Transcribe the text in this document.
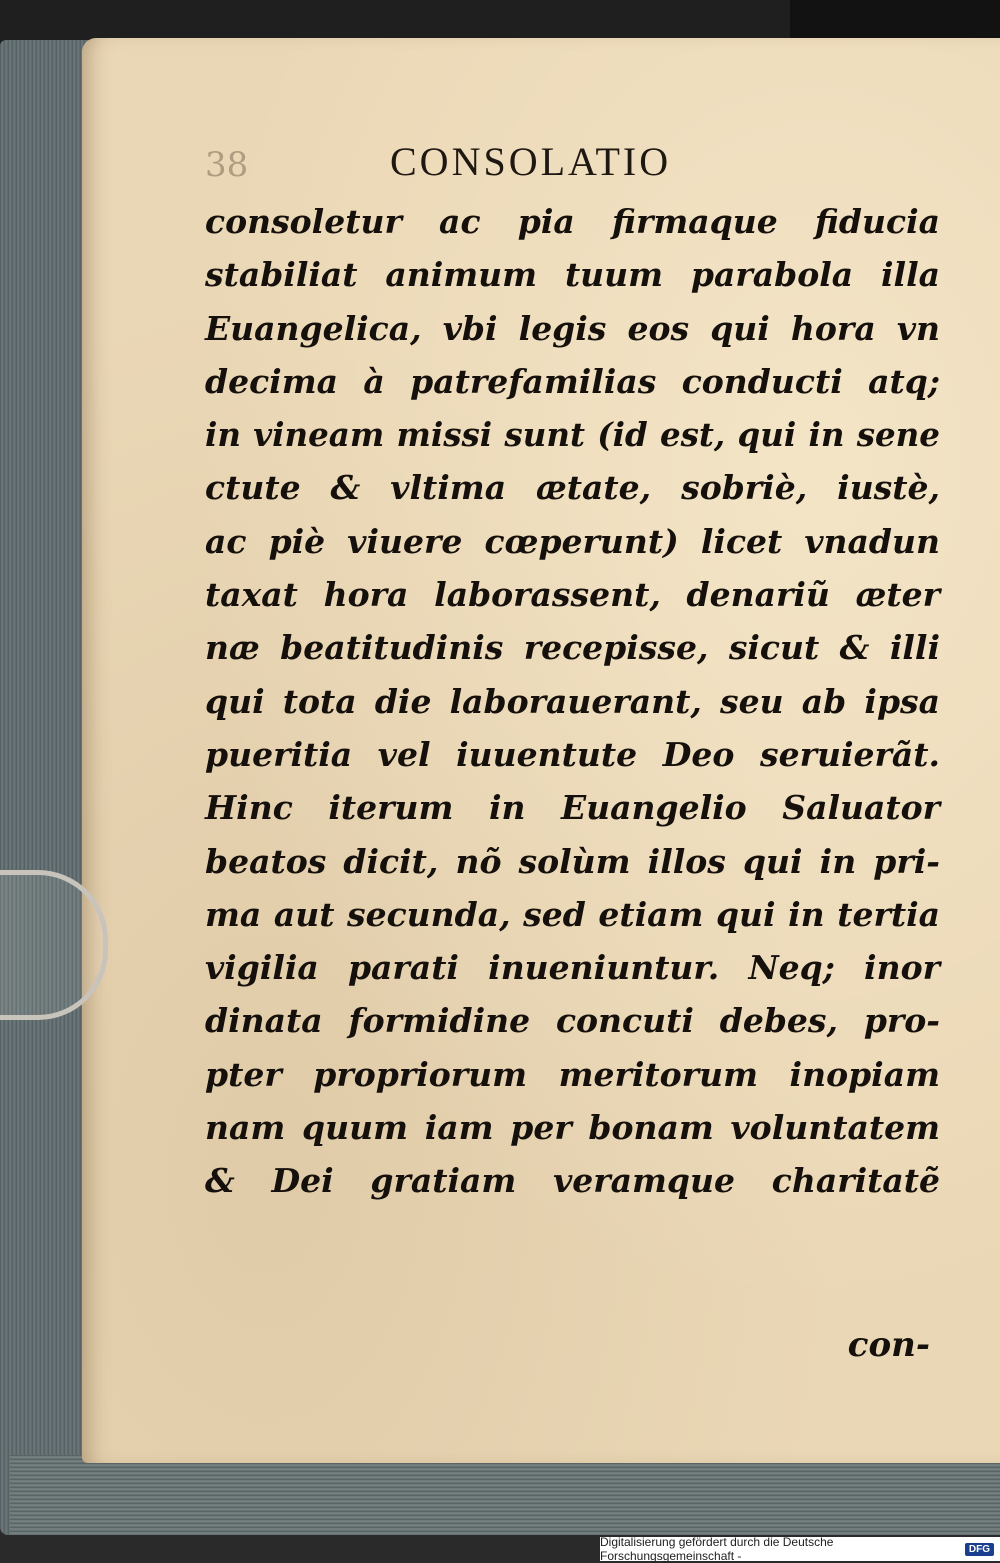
38	CONSOLATIO
consoletur ac pia firmaque fiducia
stabiliat animum tuum parabola illa
Euangelica, vbi legis eos qui hora vn
decima à patrefamilias conducti atq;
in vineam missi sunt (id est, qui in sene
ctute & vltima ætate, sobriè, iustè,
ac piè viuere cœperunt) licet vnadun
taxat hora laborassent, denariũ æter
næ beatitudinis recepisse, sicut & illi
qui tota die laborauerant, seu ab ipsa
pueritia vel iuuentute Deo seruierãt.
Hinc iterum in Euangelio Saluator
beatos dicit, nõ solùm illos qui in pri-
ma aut secunda, sed etiam qui in tertia
vigilia parati inueniuntur. Neq; inor
dinata formidine concuti debes, pro-
pter propriorum meritorum inopiam
nam quum iam per bonam voluntatem
& Dei gratiam veramque charitatẽ
con-
Digitalisierung gefördert durch die Deutsche Forschungsgemeinschaft -	DFG
